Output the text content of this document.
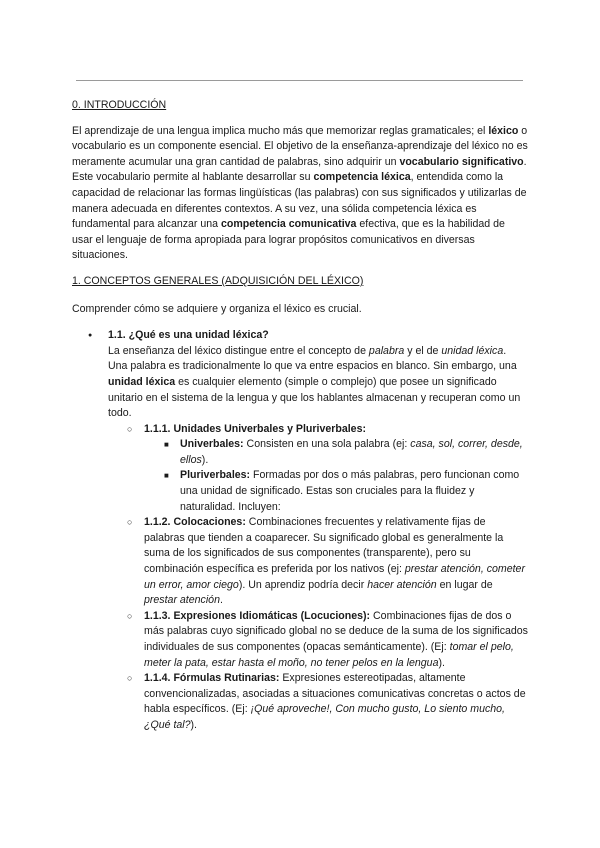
0. INTRODUCCIÓN

El aprendizaje de una lengua implica mucho más que memorizar reglas gramaticales; el léxico o vocabulario es un componente esencial. El objetivo de la enseñanza-aprendizaje del léxico no es meramente acumular una gran cantidad de palabras, sino adquirir un vocabulario significativo. Este vocabulario permite al hablante desarrollar su competencia léxica, entendida como la capacidad de relacionar las formas lingüísticas (las palabras) con sus significados y utilizarlas de manera adecuada en diferentes contextos. A su vez, una sólida competencia léxica es fundamental para alcanzar una competencia comunicativa efectiva, que es la habilidad de usar el lenguaje de forma apropiada para lograr propósitos comunicativos en diversas situaciones.

1. CONCEPTOS GENERALES (ADQUISICIÓN DEL LÉXICO)

Comprender cómo se adquiere y organiza el léxico es crucial.

● 1.1. ¿Qué es una unidad léxica?
La enseñanza del léxico distingue entre el concepto de palabra y el de unidad léxica. Una palabra es tradicionalmente lo que va entre espacios en blanco. Sin embargo, una unidad léxica es cualquier elemento (simple o complejo) que posee un significado unitario en el sistema de la lengua y que los hablantes almacenan y recuperan como un todo.
○ 1.1.1. Unidades Univerbales y Pluriverbales:
■ Univerbales: Consisten en una sola palabra (ej: casa, sol, correr, desde, ellos).
■ Pluriverbales: Formadas por dos o más palabras, pero funcionan como una unidad de significado. Estas son cruciales para la fluidez y naturalidad. Incluyen:
○ 1.1.2. Colocaciones: Combinaciones frecuentes y relativamente fijas de palabras que tienden a coaparecer. Su significado global es generalmente la suma de los significados de sus componentes (transparente), pero su combinación específica es preferida por los nativos (ej: prestar atención, cometer un error, amor ciego). Un aprendiz podría decir hacer atención en lugar de prestar atención.
○ 1.1.3. Expresiones Idiomáticas (Locuciones): Combinaciones fijas de dos o más palabras cuyo significado global no se deduce de la suma de los significados individuales de sus componentes (opacas semánticamente). (Ej: tomar el pelo, meter la pata, estar hasta el moño, no tener pelos en la lengua).
○ 1.1.4. Fórmulas Rutinarias: Expresiones estereotipadas, altamente convencionalizadas, asociadas a situaciones comunicativas concretas o actos de habla específicos. (Ej: ¡Qué aproveche!, Con mucho gusto, Lo siento mucho, ¿Qué tal?).
